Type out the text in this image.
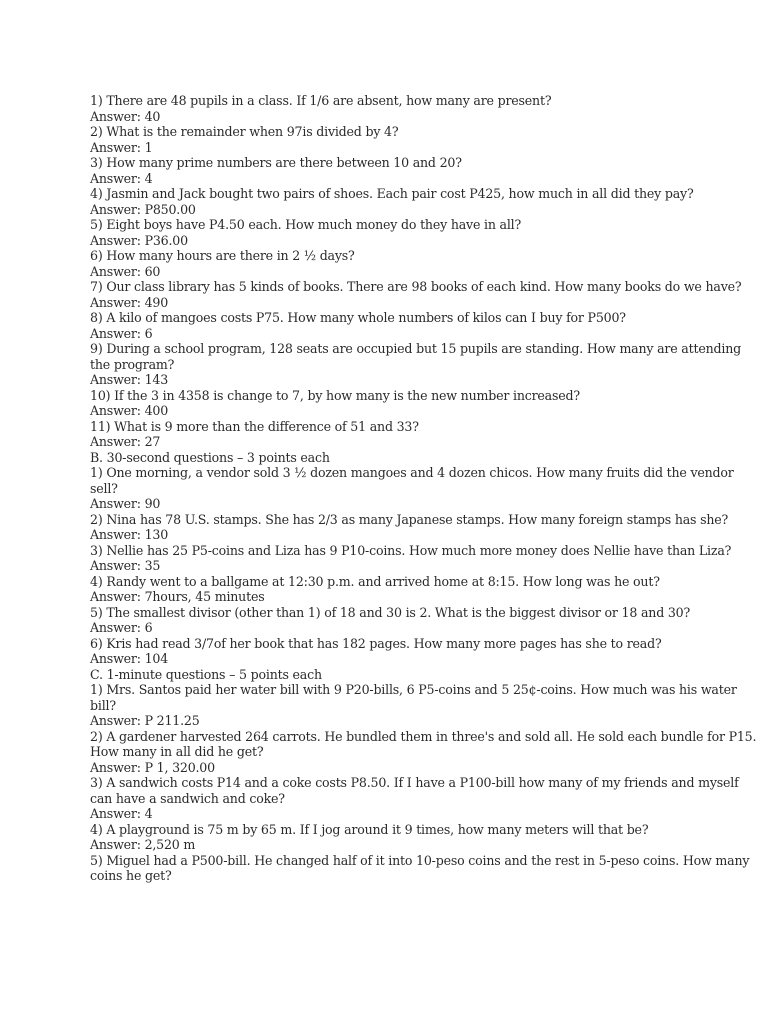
1) There are 48 pupils in a class. If 1/6 are absent, how many are present?

Answer: 40

2) What is the remainder when 97is divided by 4?

Answer: 1

3) How many prime numbers are there between 10 and 20?

Answer: 4

4) Jasmin and Jack bought two pairs of shoes. Each pair cost P425, how much in all did they pay?

Answer: P850.00

5) Eight boys have P4.50 each. How much money do they have in all?

Answer: P36.00

6) How many hours are there in 2 ½ days?

Answer: 60

7) Our class library has 5 kinds of books. There are 98 books of each kind. How many books do we have?

Answer: 490

8) A kilo of mangoes costs P75. How many whole numbers of kilos can I buy for P500?

Answer: 6

9) During a school program, 128 seats are occupied but 15 pupils are standing. How many are attending the program?

Answer: 143

10) If the 3 in 4358 is change to 7, by how many is the new number increased?

Answer: 400

11) What is 9 more than the difference of 51 and 33?

Answer: 27

B. 30-second questions – 3 points each

1) One morning, a vendor sold 3 ½ dozen mangoes and 4 dozen chicos. How many fruits did the vendor sell?

Answer: 90

2) Nina has 78 U.S. stamps. She has 2/3 as many Japanese stamps. How many foreign stamps has she?

Answer: 130

3) Nellie has 25 P5-coins and Liza has 9 P10-coins. How much more money does Nellie have than Liza?

Answer: 35

4) Randy went to a ballgame at 12:30 p.m. and arrived home at 8:15. How long was he out?

Answer: 7hours, 45 minutes

5) The smallest divisor (other than 1) of 18 and 30 is 2. What is the biggest divisor or 18 and 30?

Answer: 6

6) Kris had read 3/7of her book that has 182 pages. How many more pages has she to read?

Answer: 104

C. 1-minute questions – 5 points each

1) Mrs. Santos paid her water bill with 9 P20-bills, 6 P5-coins and 5 25¢-coins. How much was his water bill?

Answer: P 211.25

2) A gardener harvested 264 carrots. He bundled them in three's and sold all. He sold each bundle for P15. How many in all did he get?

Answer: P 1, 320.00

3) A sandwich costs P14 and a coke costs P8.50. If I have a P100-bill how many of my friends and myself can have a sandwich and coke?

Answer: 4

4) A playground is 75 m by 65 m. If I jog around it 9 times, how many meters will that be?

Answer: 2,520 m

5) Miguel had a P500-bill. He changed half of it into 10-peso coins and the rest in 5-peso coins. How many coins he get?
